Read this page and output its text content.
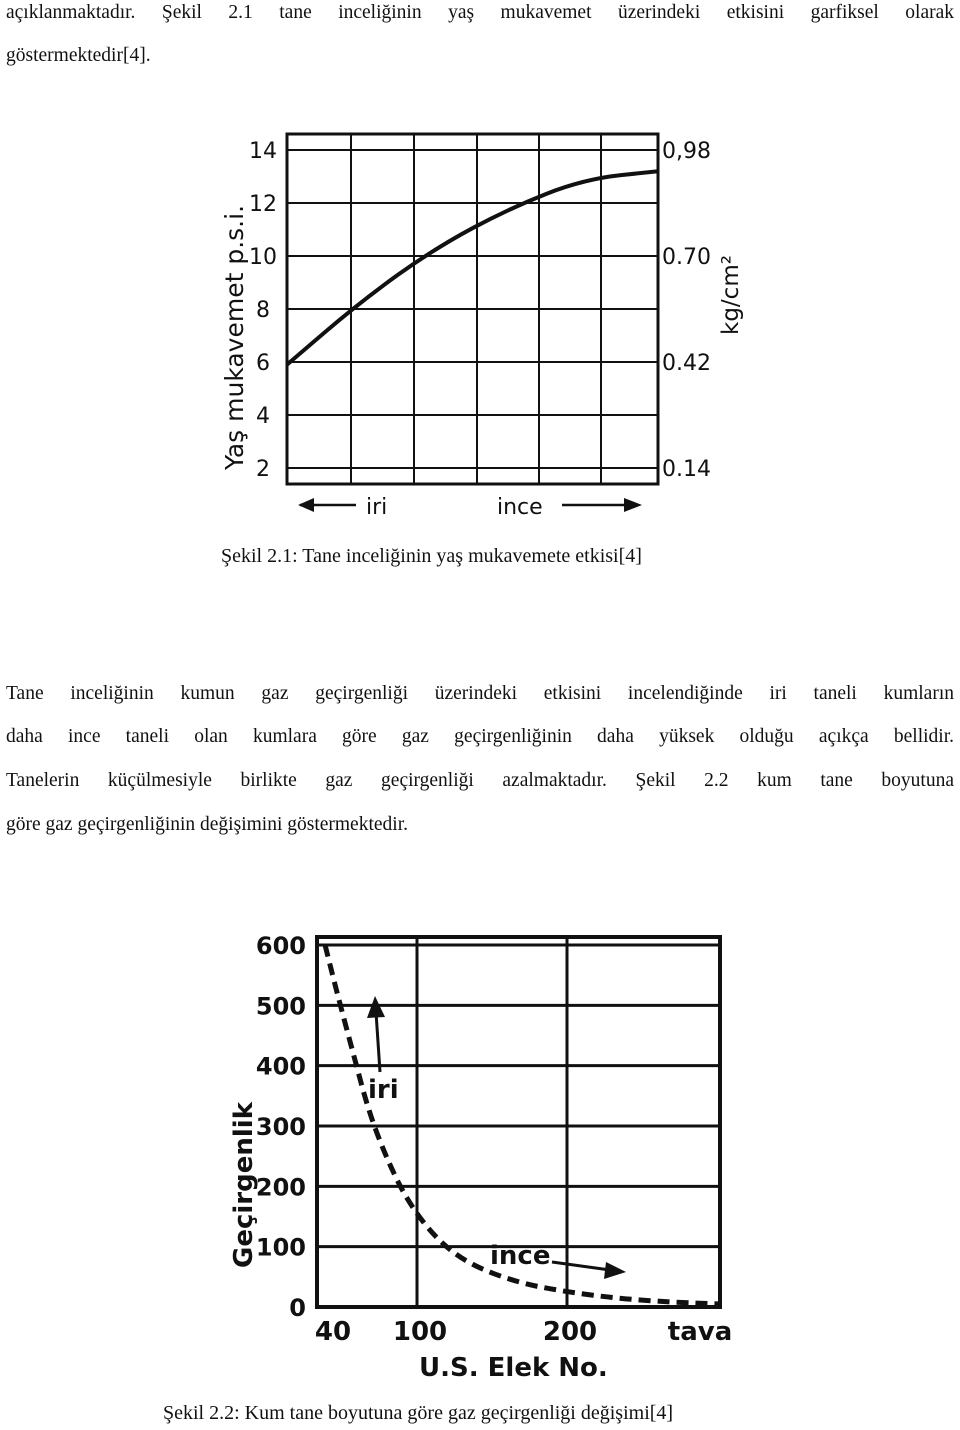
açıklanmaktadır. Şekil 2.1 tane inceliğinin yaş mukavemet üzerindeki etkisini garfiksel olarak
göstermektedir[4].
14
12
10
8
6
4
2
0,98
0.70
0.42
0.14
Yaş mukavemet p.s.i.	kg/cm²
iri	ince
600
500
400
300
200
100
0
40 100	200	tava
Geçirgenlik
U.S. Elek No.
iri
ince
Şekil 2.1: Tane inceliğinin yaş mukavemete etkisi[4]
Tane inceliğinin kumun gaz geçirgenliği üzerindeki etkisini incelendiğinde iri taneli kumların
daha ince taneli olan kumlara göre gaz geçirgenliğinin daha yüksek olduğu açıkça bellidir.
Tanelerin küçülmesiyle birlikte gaz geçirgenliği azalmaktadır. Şekil 2.2 kum tane boyutuna
göre gaz geçirgenliğinin değişimini göstermektedir.
Şekil 2.2: Kum tane boyutuna göre gaz geçirgenliği değişimi[4]
